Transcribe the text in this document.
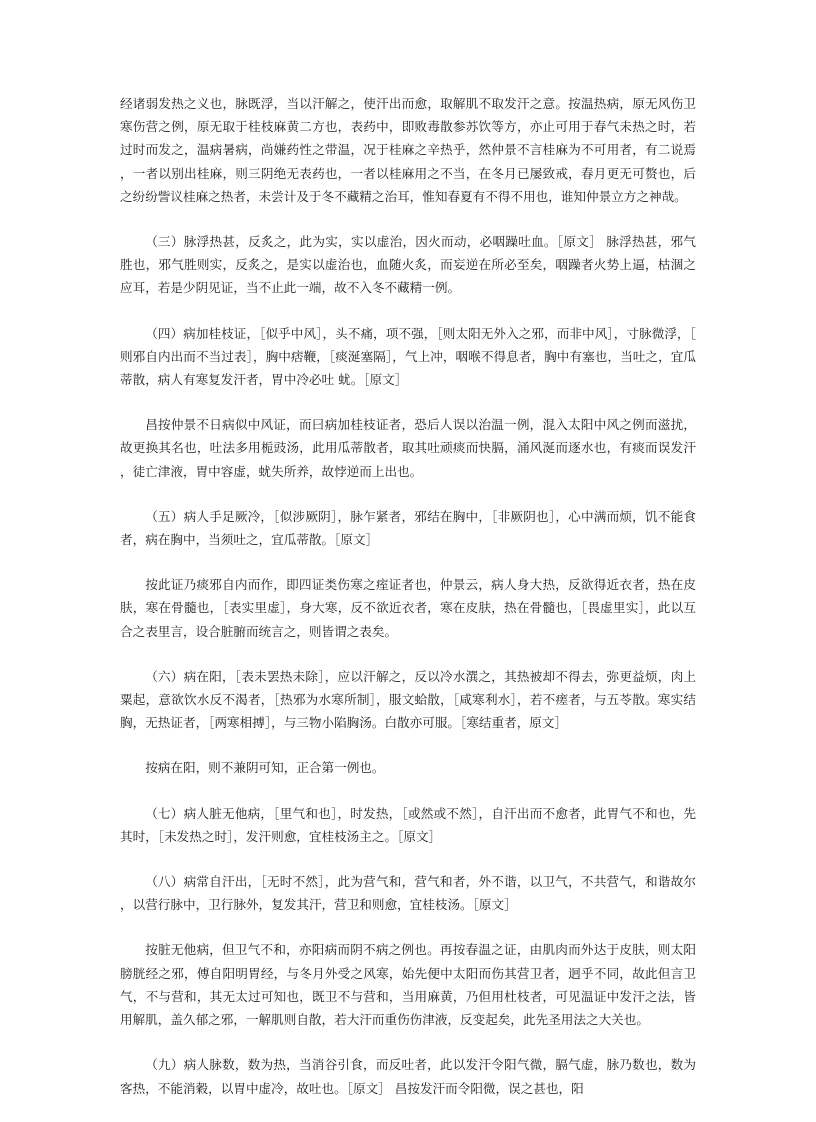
经诸弱发热之义也，脉既浮，当以汗解之，使汗出而愈，取解肌不取发汗之意。按温热病，原无风伤卫寒伤营之例，原无取于桂枝麻黄二方也，表药中，即败毒散参苏饮等方，亦止可用于春气未热之时，若过时而发之，温病暑病，尚嫌药性之带温，况于桂麻之辛热乎，然仲景不言桂麻为不可用者，有二说焉，一者以别出桂麻，则三阴绝无表药也，一者以桂麻用之不当，在冬月已屡致戒，春月更无可赘也，后之纷纷訾议桂麻之热者，未尝计及于冬不藏精之治耳，惟知春夏有不得不用也，谁知仲景立方之神哉。

（三）脉浮热甚，反炙之，此为实，实以虚治，因火而动，必咽躁吐血。［原文］ 脉浮热甚，邪气胜也，邪气胜则实，反炙之，是实以虚治也，血随火炙，而妄逆在所必至矣，咽躁者火势上逼，枯涸之应耳，若是少阴见证，当不止此一端，故不入冬不藏精一例。

（四）病加桂枝证，［似乎中风］，头不痛，项不强，［则太阳无外入之邪，而非中风］，寸脉微浮，［则邪自内出而不当过表］，胸中痞鞭，［痰涎塞隔］，气上冲，咽喉不得息者，胸中有塞也，当吐之，宜瓜蒂散，病人有寒复发汗者，胃中冷必吐 蚘。［原文］

昌按仲景不日病似中风证，而曰病加桂枝证者，恐后人误以治温一例，混入太阳中风之例而滋扰，故更换其名也，吐法多用栀豉汤，此用瓜蒂散者，取其吐顽痰而快膈，涌风涎而逐水也，有痰而误发汗，徒亡津液，胃中容虚，蚘失所养，故悖逆而上出也。

（五）病人手足厥冷，［似涉厥阴］，脉乍紧者，邪结在胸中，［非厥阴也］，心中满而烦，饥不能食者，病在胸中，当须吐之，宜瓜蒂散。［原文］

按此证乃痰邪自内而作，即四证类伤寒之痓证者也，仲景云，病人身大热，反欲得近衣者，热在皮肤，寒在骨髓也，［表实里虚］，身大寒，反不欲近衣者，寒在皮肤，热在骨髓也，［畏虚里实］，此以互合之表里言，设合脏腑而统言之，则皆谓之表矣。

（六）病在阳，［表未罢热未除］，应以汗解之，反以冷水潠之，其热被却不得去，弥更益烦，肉上粟起，意欲饮水反不渴者，［热邪为水寒所制］，服文蛤散，［咸寒利水］，若不瘥者，与五苓散。寒实结胸，无热证者，［两寒相搏］，与三物小陷胸汤。白散亦可服。［寒结重者，原文］

按病在阳，则不兼阴可知，正合第一例也。

（七）病人脏无他病，［里气和也］，时发热，［或然或不然］，自汗出而不愈者，此胃气不和也，先其时，［未发热之时］，发汗则愈，宜桂枝汤主之。［原文］

（八）病常自汗出，［无时不然］，此为营气和，营气和者，外不谐，以卫气，不共营气，和谐故尔，以营行脉中，卫行脉外，复发其汗，营卫和则愈，宜桂枝汤。［原文］

按脏无他病，但卫气不和，亦阳病而阴不病之例也。再按春温之证，由肌肉而外达于皮肤，则太阳膀胱经之邪，傅自阳明胃经，与冬月外受之风寒，始先便中太阳而伤其营卫者，迥乎不同，故此但言卫气，不与营和，其无太过可知也，既卫不与营和，当用麻黄，乃但用杜枝者，可见温证中发汗之法，皆用解肌，盖久郁之邪，一解肌则自散，若大汗而重伤伤津液，反变起矣，此先圣用法之大关也。

（九）病人脉数，数为热，当消谷引食，而反吐者，此以发汗令阳气微，膈气虚，脉乃数也，数为客热，不能消穀，以胃中虚冷，故吐也。［原文］ 昌按发汗而令阳微，误之甚也，阳
